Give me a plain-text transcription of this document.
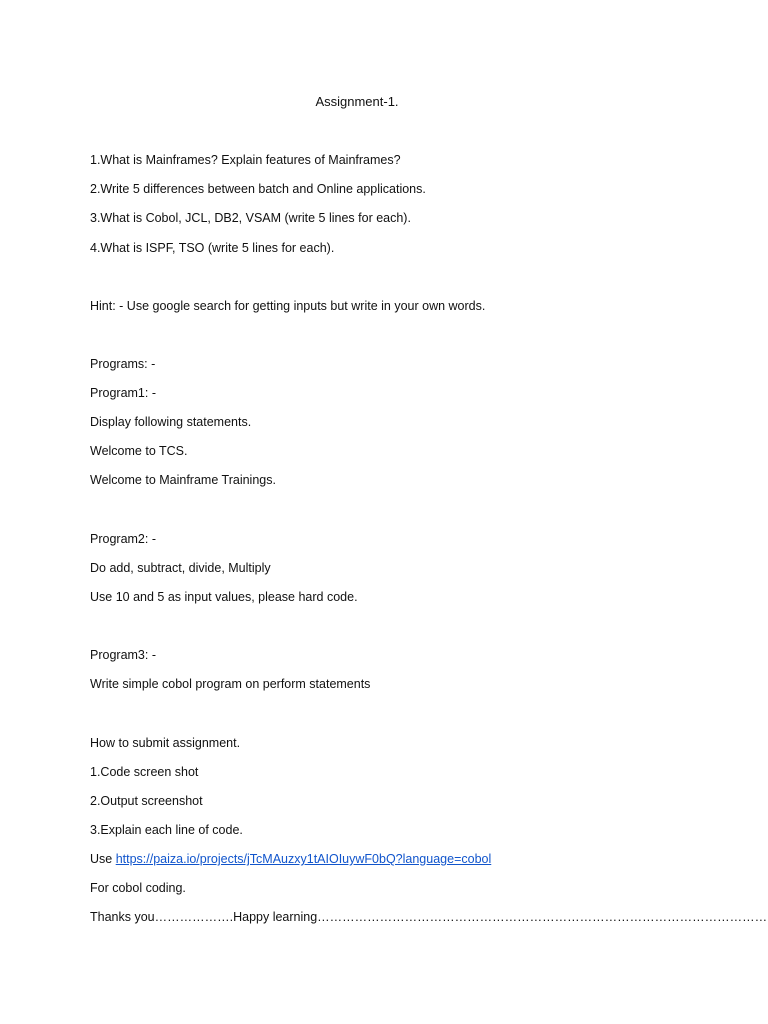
Assignment-1.
1.What is Mainframes? Explain features of Mainframes?
2.Write 5 differences between batch and Online applications.
3.What is Cobol, JCL, DB2, VSAM (write 5 lines for each).
4.What is ISPF, TSO (write 5 lines for each).
Hint: - Use google search for getting inputs but write in your own words.
Programs: -
Program1: -
Display following statements.
Welcome to TCS.
Welcome to Mainframe Trainings.
Program2: -
Do add, subtract, divide, Multiply
Use 10 and 5 as input values, please hard code.
Program3: -
Write simple cobol program on perform statements
How to submit assignment.
1.Code screen shot
2.Output screenshot
3.Explain each line of code.
Use https://paiza.io/projects/jTcMAuzxy1tAIOIuywF0bQ?language=cobol
For cobol coding.
Thanks you……………….Happy learning………………………………………………………………………………………………
